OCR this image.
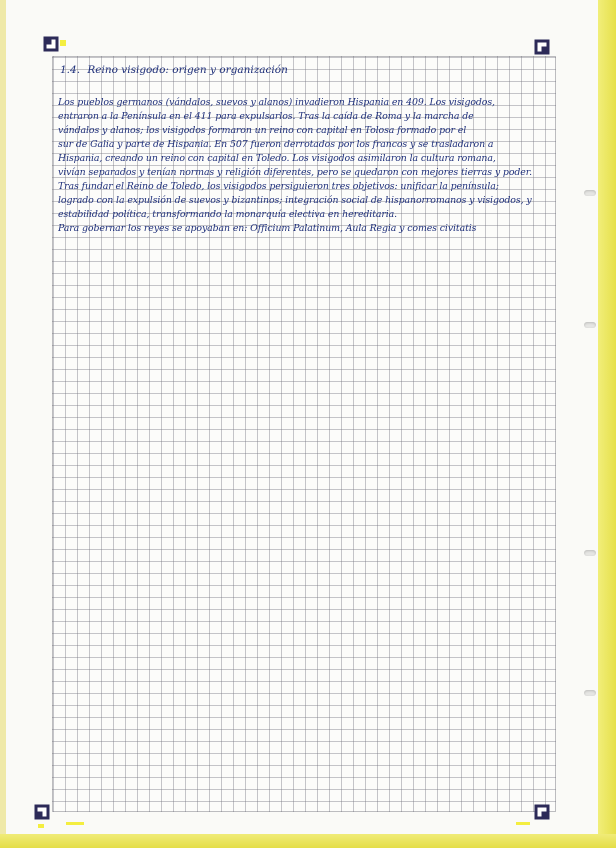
1.4. Reino visigodo: origen y organización
Los pueblos germanos (vándalos, suevos y alanos) invadieron Hispania en 409. Los visigodos,
entraron a la Península en el 411 para expulsarlos. Tras la caída de Roma y la marcha de
vándalos y alanos; los visigodos formaron un reino con capital en Tolosa formado por el
sur de Galia y parte de Hispania. En 507 fueron derrotados por los francos y se trasladaron a
Hispania, creando un reino con capital en Toledo. Los visigodos asimilaron la cultura romana,
vivían separados y tenían normas y religión diferentes, pero se quedaron con mejores tierras y poder.
Tras fundar el Reino de Toledo, los visigodos persiguieron tres objetivos: unificar la península;
logrado con la expulsión de suevos y bizantinos; integración social de hispanorromanos y visigodos, y
estabilidad política, transformando la monarquía electiva en hereditaria.
Para gobernar los reyes se apoyaban en: Officium Palatinum, Aula Regia y comes civitatis
